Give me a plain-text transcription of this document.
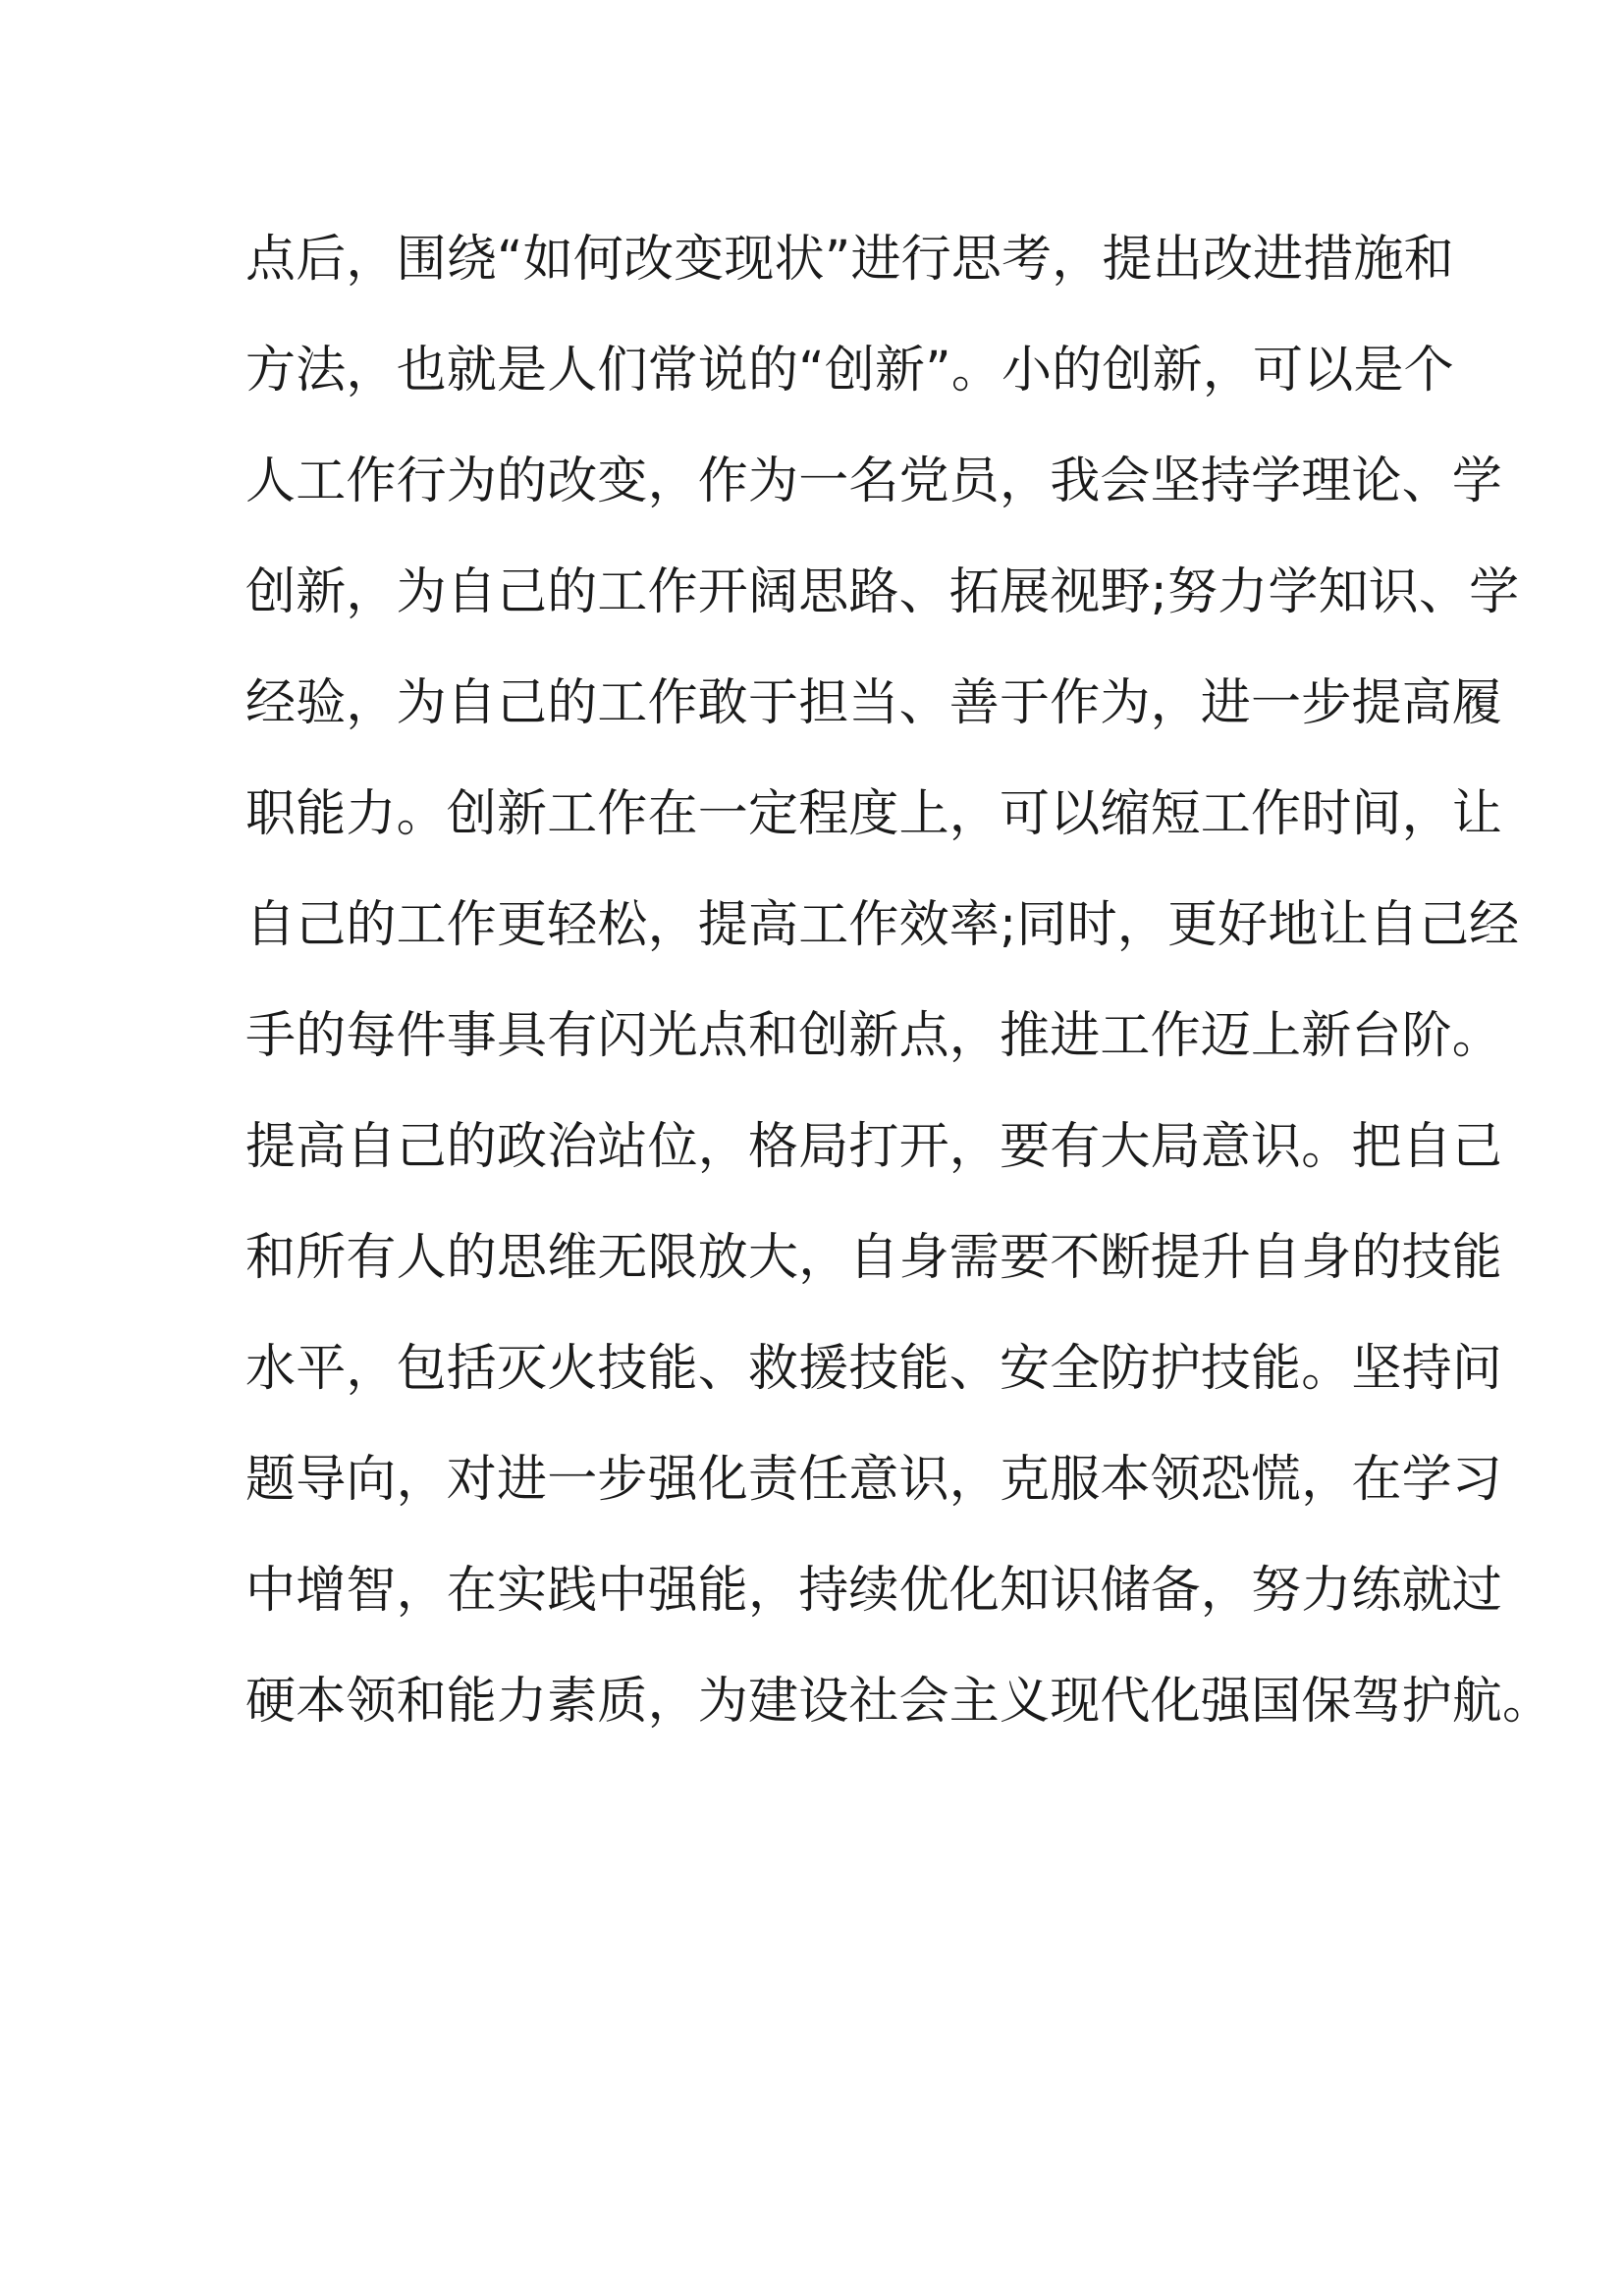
点后，围绕“如何改变现状”进行思考，提出改进措施和
方法，也就是人们常说的“创新”。小的创新，可以是个
人工作行为的改变，作为一名党员，我会坚持学理论、学
创新，为自己的工作开阔思路、拓展视野;努力学知识、学
经验，为自己的工作敢于担当、善于作为，进一步提高履
职能力。创新工作在一定程度上，可以缩短工作时间，让
自己的工作更轻松，提高工作效率;同时，更好地让自己经
手的每件事具有闪光点和创新点，推进工作迈上新台阶。
提高自己的政治站位，格局打开，要有大局意识。把自己
和所有人的思维无限放大，自身需要不断提升自身的技能
水平，包括灭火技能、救援技能、安全防护技能。坚持问
题导向，对进一步强化责任意识，克服本领恐慌，在学习
中增智，在实践中强能，持续优化知识储备，努力练就过
硬本领和能力素质，为建设社会主义现代化强国保驾护航。
